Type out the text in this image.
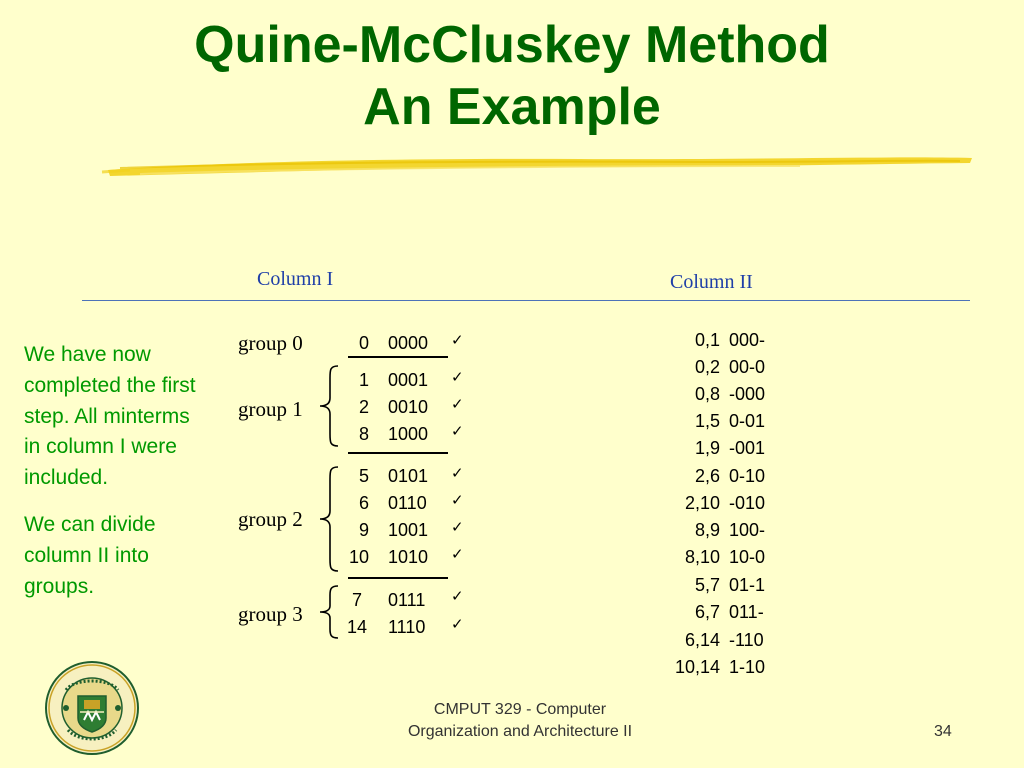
Quine-McCluskey Method
An Example
Column I	Column II

We have now completed the first step. All minterms in column I were included.

We can divide column II into groups.

group 0
group 1
group 2
group 3
0 0000 ✓
1 0001 ✓
2 0010 ✓
8 1000 ✓
5 0101 ✓
6 0110 ✓
9 1001 ✓
10 1010 ✓
7 0111 ✓
14 1110 ✓
0,1 000-
0,2 00-0
0,8 -000
1,5 0-01
1,9 -001
2,6 0-10
2,10 -010
8,9 100-
8,10 10-0
5,7 01-1
6,7 011-
6,14 -110
10,14 1-10
CMPUT 329 - Computer
Organization and Architecture II	34
